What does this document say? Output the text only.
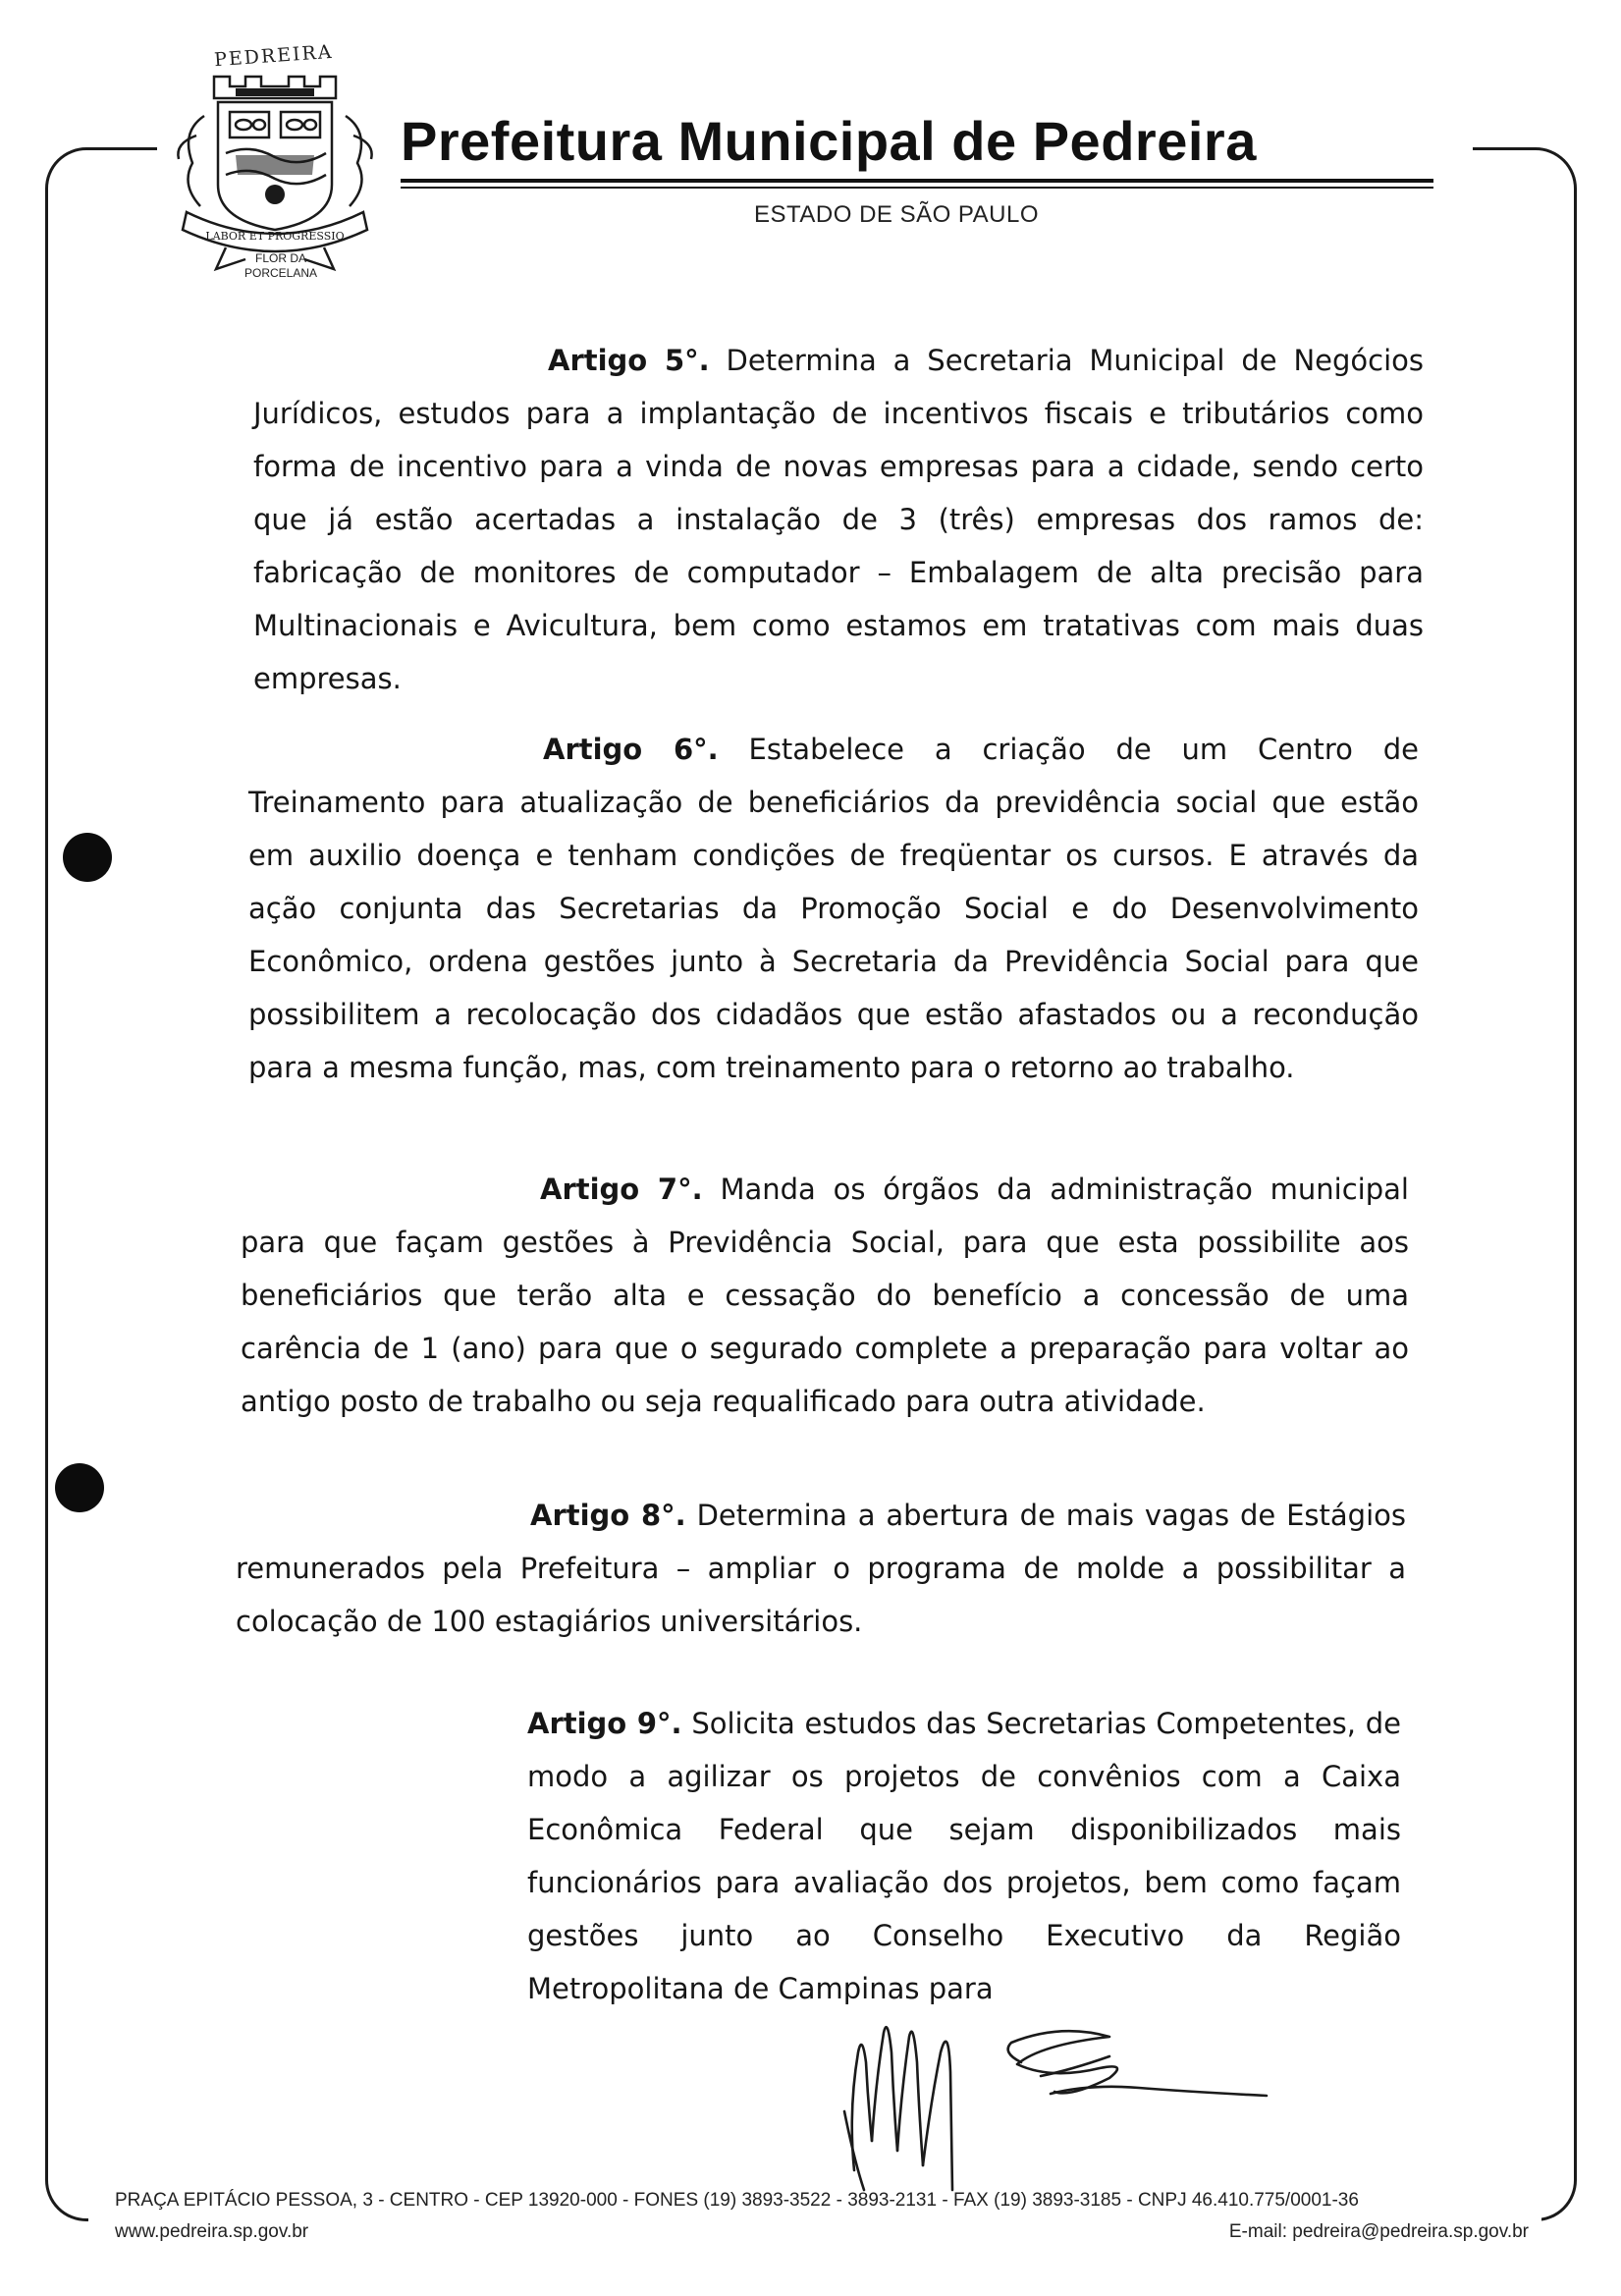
LABOR ET PROGRESSIO
PEDREIRA
FLOR DA
PORCELANA
Prefeitura Municipal de Pedreira
ESTADO DE SÃO PAULO
Artigo 5°. Determina a Secretaria Municipal de Negócios Jurídicos, estudos para a implantação de incentivos fiscais e tributários como forma de incentivo para a vinda de novas empresas para a cidade, sendo certo que já estão acertadas a instalação de 3 (três) empresas dos ramos de: fabricação de monitores de computador – Embalagem de alta precisão para Multinacionais e Avicultura, bem como estamos em tratativas com mais duas empresas.
Artigo 6°. Estabelece a criação de um Centro de Treinamento para atualização de beneficiários da previdência social que estão em auxilio doença e tenham condições de freqüentar os cursos. E através da ação conjunta das Secretarias da Promoção Social e do Desenvolvimento Econômico, ordena gestões junto à Secretaria da Previdência Social para que possibilitem a recolocação dos cidadãos que estão afastados ou a recondução para a mesma função, mas, com treinamento para o retorno ao trabalho.
Artigo 7°. Manda os órgãos da administração municipal para que façam gestões à Previdência Social, para que esta possibilite aos beneficiários que terão alta e cessação do benefício a concessão de uma carência de 1 (ano) para que o segurado complete a preparação para voltar ao antigo posto de trabalho ou seja requalificado para outra atividade.
Artigo 8°. Determina a abertura de mais vagas de Estágios remunerados pela Prefeitura – ampliar o programa de molde a possibilitar a colocação de 100 estagiários universitários.
Artigo 9°. Solicita estudos das Secretarias Competentes, de modo a agilizar os projetos de convênios com a Caixa Econômica Federal que sejam disponibilizados mais funcionários para avaliação dos projetos, bem como façam gestões junto ao Conselho Executivo da Região Metropolitana de Campinas para
PRAÇA EPITÁCIO PESSOA, 3 - CENTRO - CEP 13920-000 - FONES (19) 3893-3522 - 3893-2131 - FAX (19) 3893-3185 - CNPJ 46.410.775/0001-36
www.pedreira.sp.gov.br	E-mail: pedreira@pedreira.sp.gov.br
